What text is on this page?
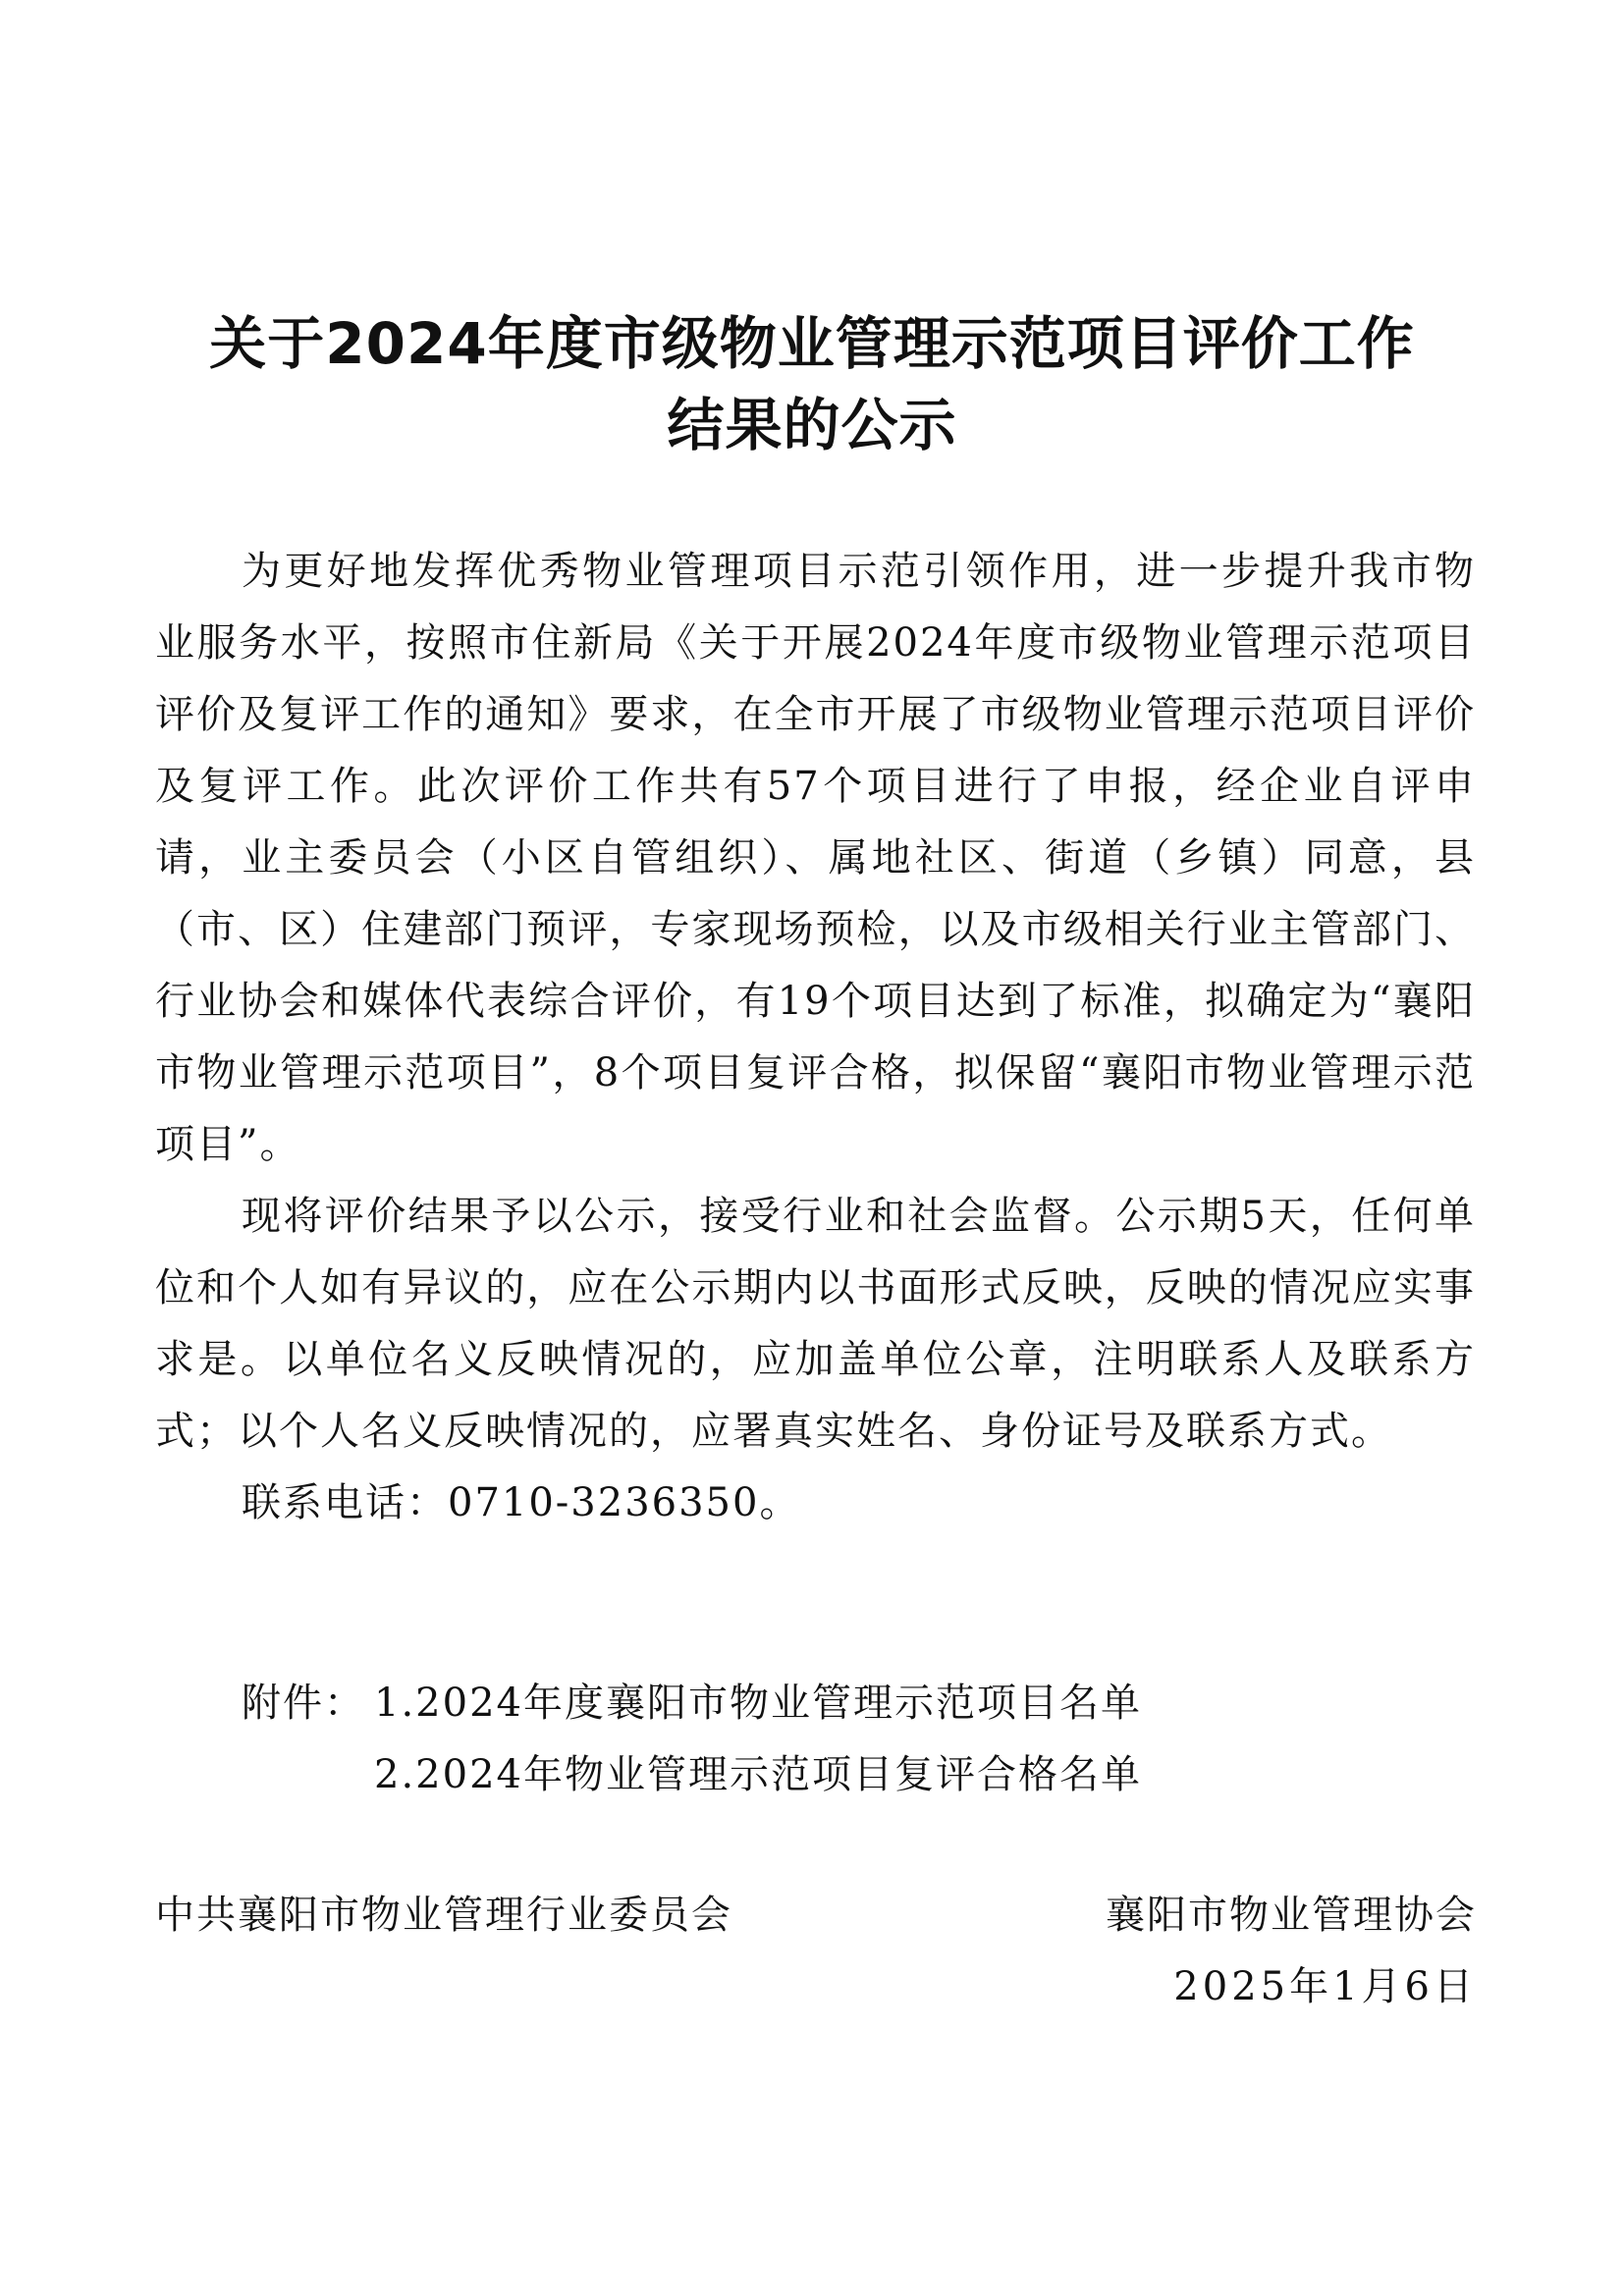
关于2024年度市级物业管理示范项目评价工作
结果的公示

为更好地发挥优秀物业管理项目示范引领作用，进一步提升我市物业服务水平，按照市住新局《关于开展2024年度市级物业管理示范项目评价及复评工作的通知》要求，在全市开展了市级物业管理示范项目评价及复评工作。此次评价工作共有57个项目进行了申报，经企业自评申请，业主委员会（小区自管组织）、属地社区、街道（乡镇）同意，县（市、区）住建部门预评，专家现场预检，以及市级相关行业主管部门、行业协会和媒体代表综合评价，有19个项目达到了标准，拟确定为“襄阳市物业管理示范项目”，8个项目复评合格，拟保留“襄阳市物业管理示范项目”。

现将评价结果予以公示，接受行业和社会监督。公示期5天，任何单位和个人如有异议的，应在公示期内以书面形式反映，反映的情况应实事求是。以单位名义反映情况的，应加盖单位公章，注明联系人及联系方式；以个人名义反映情况的，应署真实姓名、身份证号及联系方式。

联系电话：0710-3236350。

附件： 1.2024年度襄阳市物业管理示范项目名单
2.2024年物业管理示范项目复评合格名单
中共襄阳市物业管理行业委员会	襄阳市物业管理协会
2025年1月6日
